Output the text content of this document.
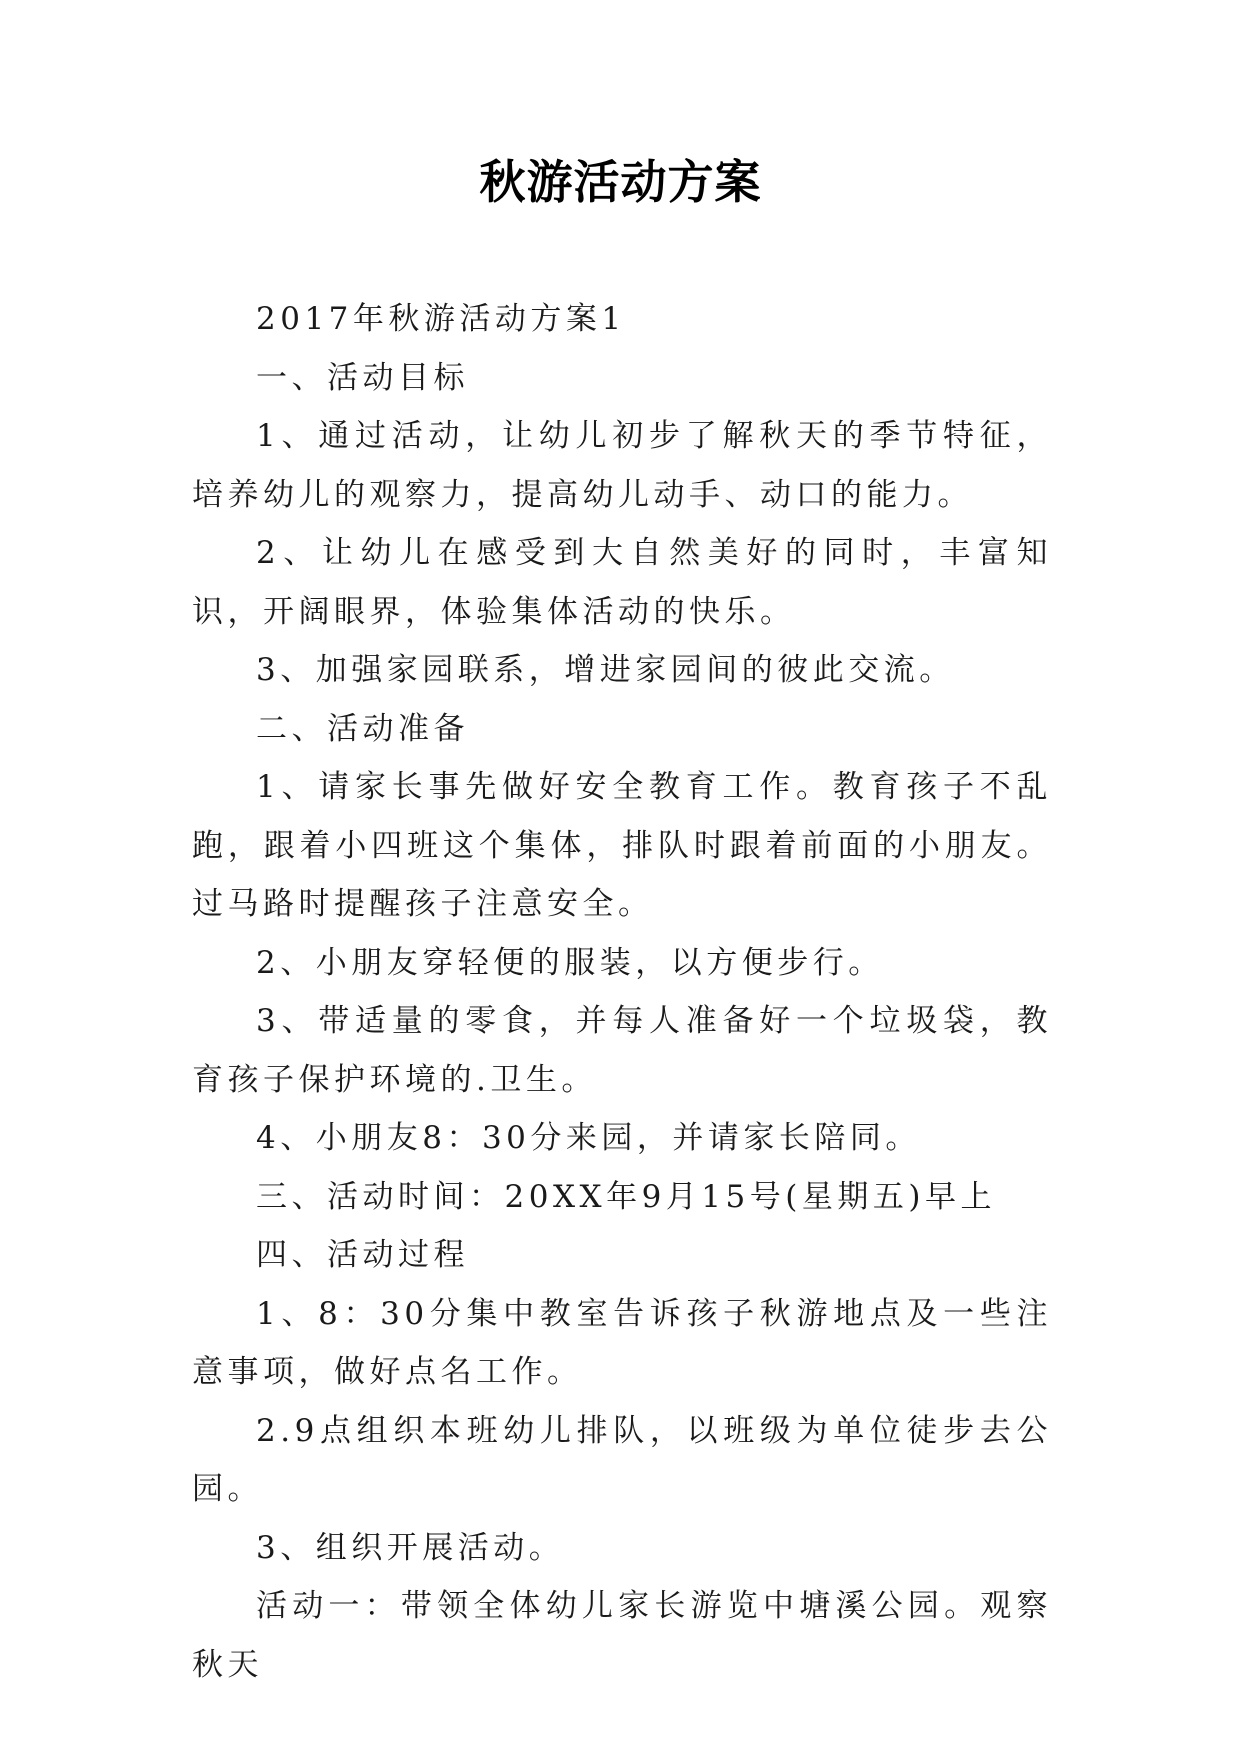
秋游活动方案

2017年秋游活动方案1

一、活动目标

1、通过活动，让幼儿初步了解秋天的季节特征，培养幼儿的观察力，提高幼儿动手、动口的能力。

2、让幼儿在感受到大自然美好的同时，丰富知识，开阔眼界，体验集体活动的快乐。

3、加强家园联系，增进家园间的彼此交流。

二、活动准备

1、请家长事先做好安全教育工作。教育孩子不乱跑，跟着小四班这个集体，排队时跟着前面的小朋友。过马路时提醒孩子注意安全。

2、小朋友穿轻便的服装，以方便步行。

3、带适量的零食，并每人准备好一个垃圾袋，教育孩子保护环境的.卫生。

4、小朋友8：30分来园，并请家长陪同。

三、活动时间：20XX年9月15号(星期五)早上

四、活动过程

1、8：30分集中教室告诉孩子秋游地点及一些注意事项，做好点名工作。

2.9点组织本班幼儿排队，以班级为单位徒步去公园。

3、组织开展活动。

活动一：带领全体幼儿家长游览中塘溪公园。观察秋天
